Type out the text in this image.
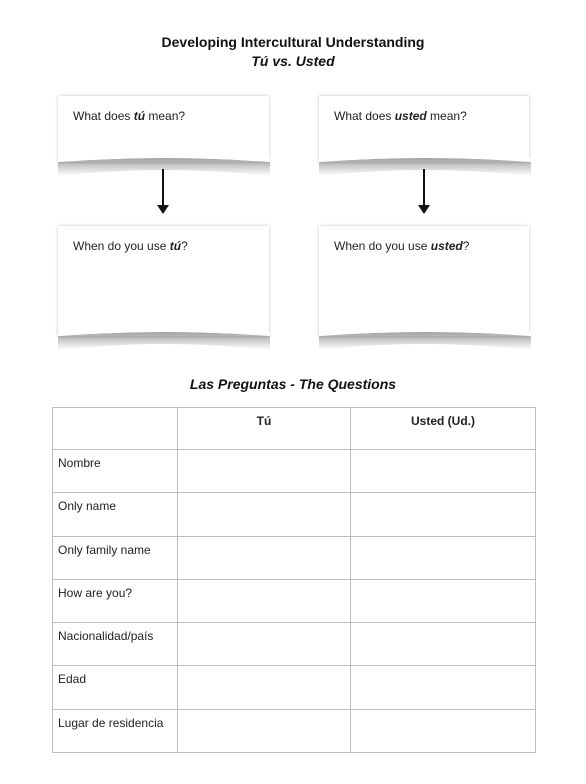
Developing Intercultural Understanding
Tú vs. Usted
What does tú mean?	What does usted mean?
When do you use tú?	When do you use usted?
Las Preguntas - The Questions
	Tú	Usted (Ud.)
Nombre		
Only name		
Only family name		
How are you?		
Nacionalidad/país		
Edad		
Lugar de residencia		
